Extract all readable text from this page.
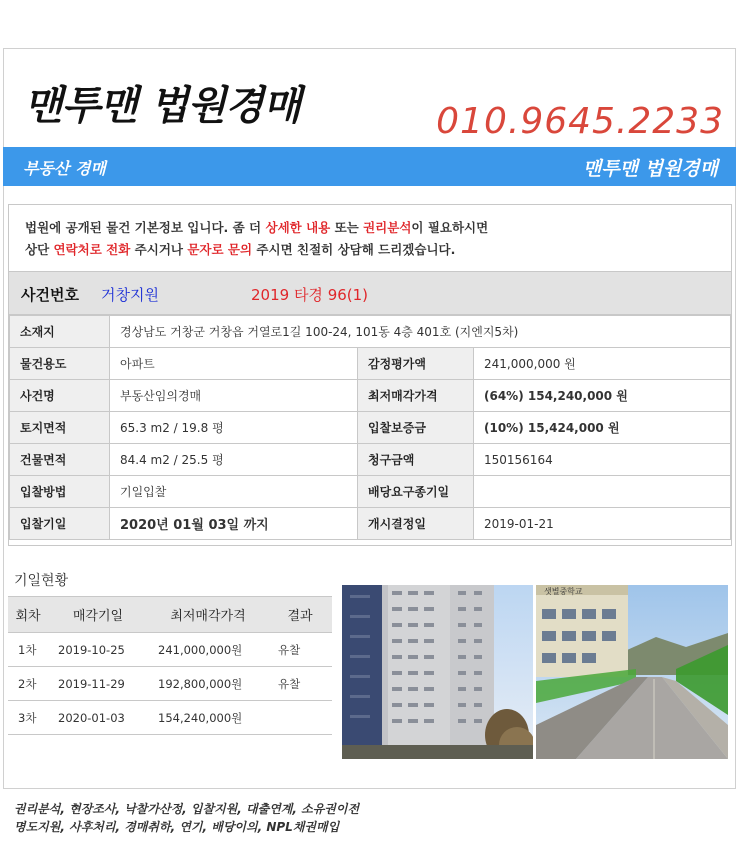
맨투맨 법원경매	010.9645.2233
부동산 경매	맨투맨 법원경매
법원에 공개된 물건 기본정보 입니다. 좀 더 상세한 내용 또는 권리분석이 필요하시면
상단 연락처로 전화 주시거나 문자로 문의 주시면 친절히 상담해 드리겠습니다.
사건번호 거창지원	2019 타경 96(1)
소재지	경상남도 거창군 거창읍 거열로1길 100-24, 101동 4층 401호 (지엔지5차)		
물건용도	아파트	감정평가액	241,000,000 원
사건명	부동산임의경매	최저매각가격	(64%) 154,240,000 원
토지면적	65.3 m2 / 19.8 평	입찰보증금	(10%) 15,424,000 원
건물면적	84.4 m2 / 25.5 평	청구금액	150156164
입찰방법	기일입찰	배당요구종기일	
입찰기일	2020년 01월 03일 까지	개시결정일	2019-01-21
기일현황
회차	매각기일	최저매각가격	결과
1차	2019-10-25	241,000,000원	유찰
2차	2019-11-29	192,800,000원	유찰
3차	2020-01-03	154,240,000원	
샛별중학교
권리분석, 현장조사, 낙찰가산정, 입찰지원, 대출연계, 소유권이전
명도지원, 사후처리, 경매취하, 연기, 배당이의, NPL채권매입
